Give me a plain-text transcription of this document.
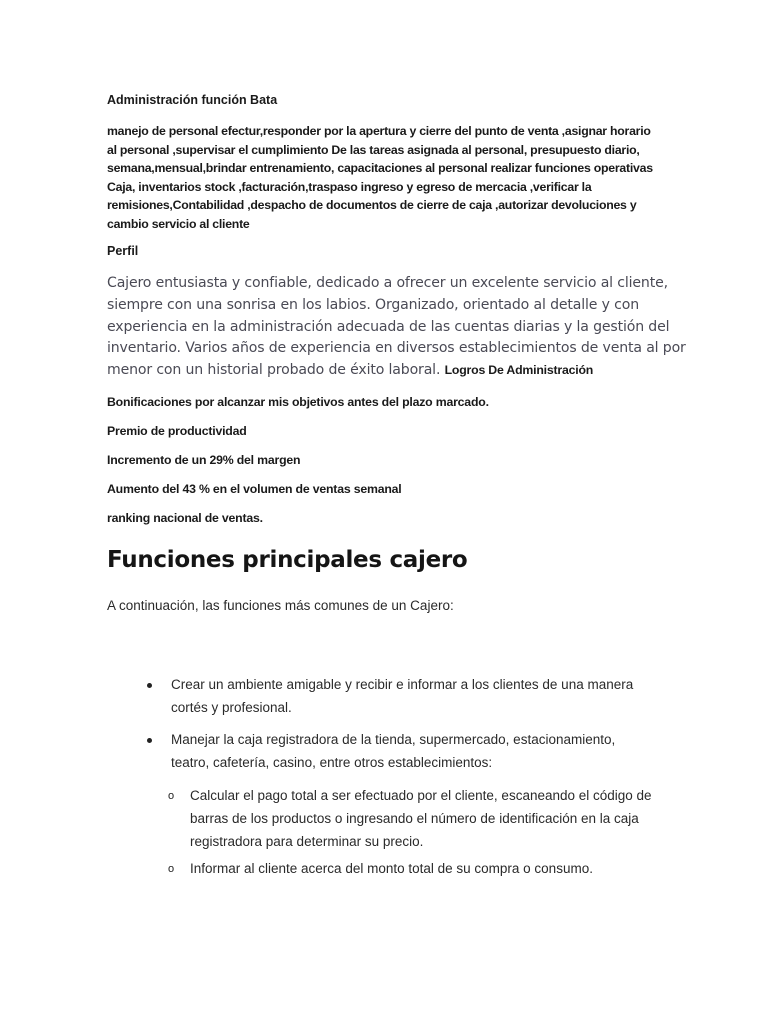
Administración función Bata
manejo de personal efectur,responder por la apertura y cierre del punto de venta ,asignar horario
al personal ,supervisar el cumplimiento De las tareas asignada al personal, presupuesto diario,
semana,mensual,brindar entrenamiento, capacitaciones al personal realizar funciones operativas
Caja, inventarios stock ,facturación,traspaso ingreso y egreso de mercacia ,verificar la
remisiones,Contabilidad ,despacho de documentos de cierre de caja ,autorizar devoluciones y
cambio servicio al cliente
Perfil
Cajero entusiasta y confiable, dedicado a ofrecer un excelente servicio al cliente,
siempre con una sonrisa en los labios. Organizado, orientado al detalle y con
experiencia en la administración adecuada de las cuentas diarias y la gestión del
inventario. Varios años de experiencia en diversos establecimientos de venta al por
menor con un historial probado de éxito laboral. Logros De Administración
Bonificaciones por alcanzar mis objetivos antes del plazo marcado.
Premio de productividad
Incremento de un 29% del margen
Aumento del 43 % en el volumen de ventas semanal
ranking nacional de ventas.
Funciones principales cajero
A continuación, las funciones más comunes de un Cajero:
Crear un ambiente amigable y recibir e informar a los clientes de una manera
cortés y profesional.
Manejar la caja registradora de la tienda, supermercado, estacionamiento,
teatro, cafetería, casino, entre otros establecimientos:
o Calcular el pago total a ser efectuado por el cliente, escaneando el código de
barras de los productos o ingresando el número de identificación en la caja
registradora para determinar su precio.
o Informar al cliente acerca del monto total de su compra o consumo.
